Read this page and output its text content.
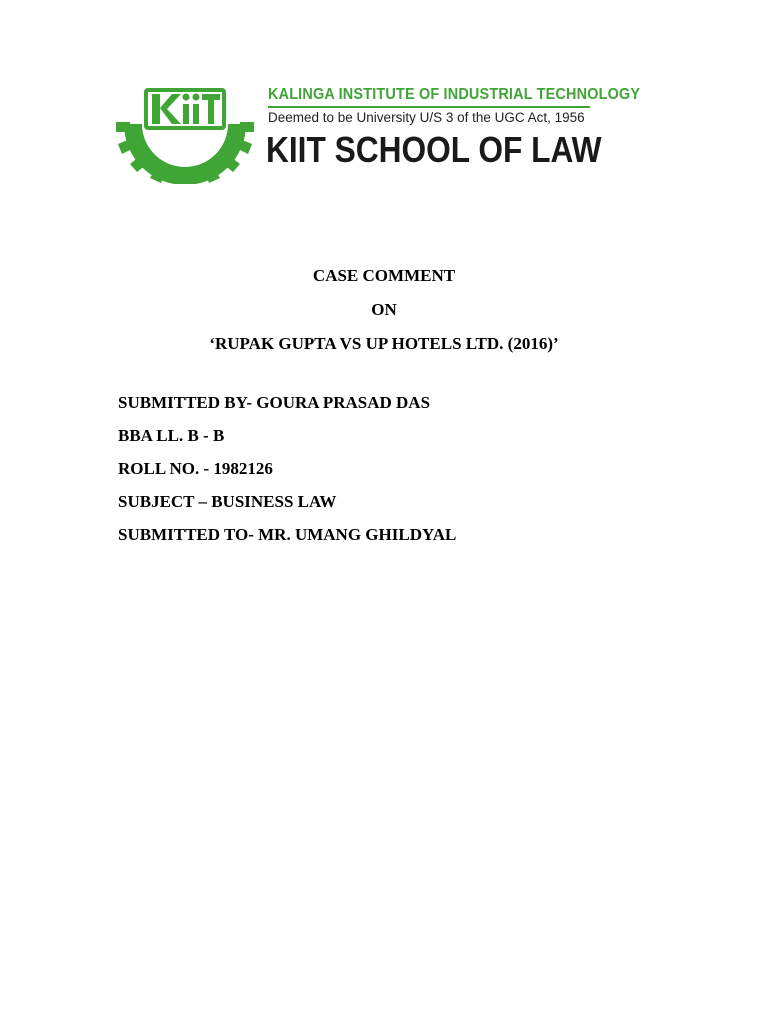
KALINGA INSTITUTE OF INDUSTRIAL TECHNOLOGY
Deemed to be University U/S 3 of the UGC Act, 1956
KIIT SCHOOL OF LAW
CASE COMMENT
ON
‘RUPAK GUPTA VS UP HOTELS LTD. (2016)’
SUBMITTED BY- GOURA PRASAD DAS
BBA LL. B - B
ROLL NO. - 1982126
SUBJECT – BUSINESS LAW
SUBMITTED TO- MR. UMANG GHILDYAL
